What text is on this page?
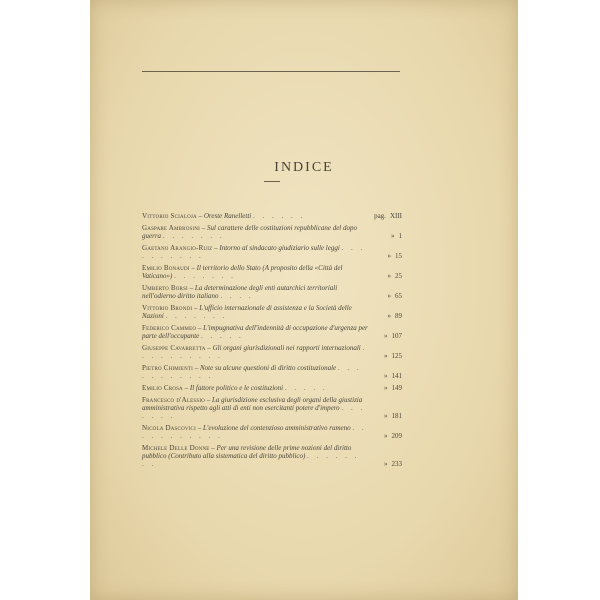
INDICE
Vittorio Scialoja – Oreste Ranelletti . . . . . .	pag. XIII
Gaspare Ambrosini – Sul carattere delle costituzioni repubblicane del dopo guerra . . . . . . .	» 1
Gaetano Arangio-Ruiz – Intorno al sindacato giudiziario sulle leggi . . . . . . . . . .	» 15
Emilio Bonaudi – Il territorio dello Stato (A proposito della «Città del Vaticano») . . . . . . .	» 25
Umberto Borsi – La determinazione degli enti autarchici territoriali nell'odierno diritto italiano . . . .	» 65
Vittorio Brondi – L'ufficio internazionale di assistenza e la Società delle Nazioni . . . . . . .	» 89
Federico Cammeo – L'impugnativa dell'indennità di occupazione d'urgenza per parte dell'occupante . . . . .	» 107
Giuseppe Cavarretta – Gli organi giurisdizionali nei rapporti internazionali . . . . . . . . . .	» 125
Pietro Chimienti – Note su alcune questioni di diritto costituzionale . . . . . . . . . . .	» 141
Emilio Crosa – Il fattore politico e le costituzioni . . . . .	» 149
Francesco d'Alessio – La giurisdizione esclusiva degli organi della giustizia amministrativa rispetto agli atti di enti non esercitanti potere d'impero . . . . . . .	» 181
Nicola Dascovici – L'evoluzione del contenzioso amministrativo rumeno . . . . . . . . . . .	» 209
Michele Delle Donne – Per una revisione delle prime nozioni del diritto pubblico (Contributo alla sistematica del diritto pubblico) . . . . . . . .	» 233
